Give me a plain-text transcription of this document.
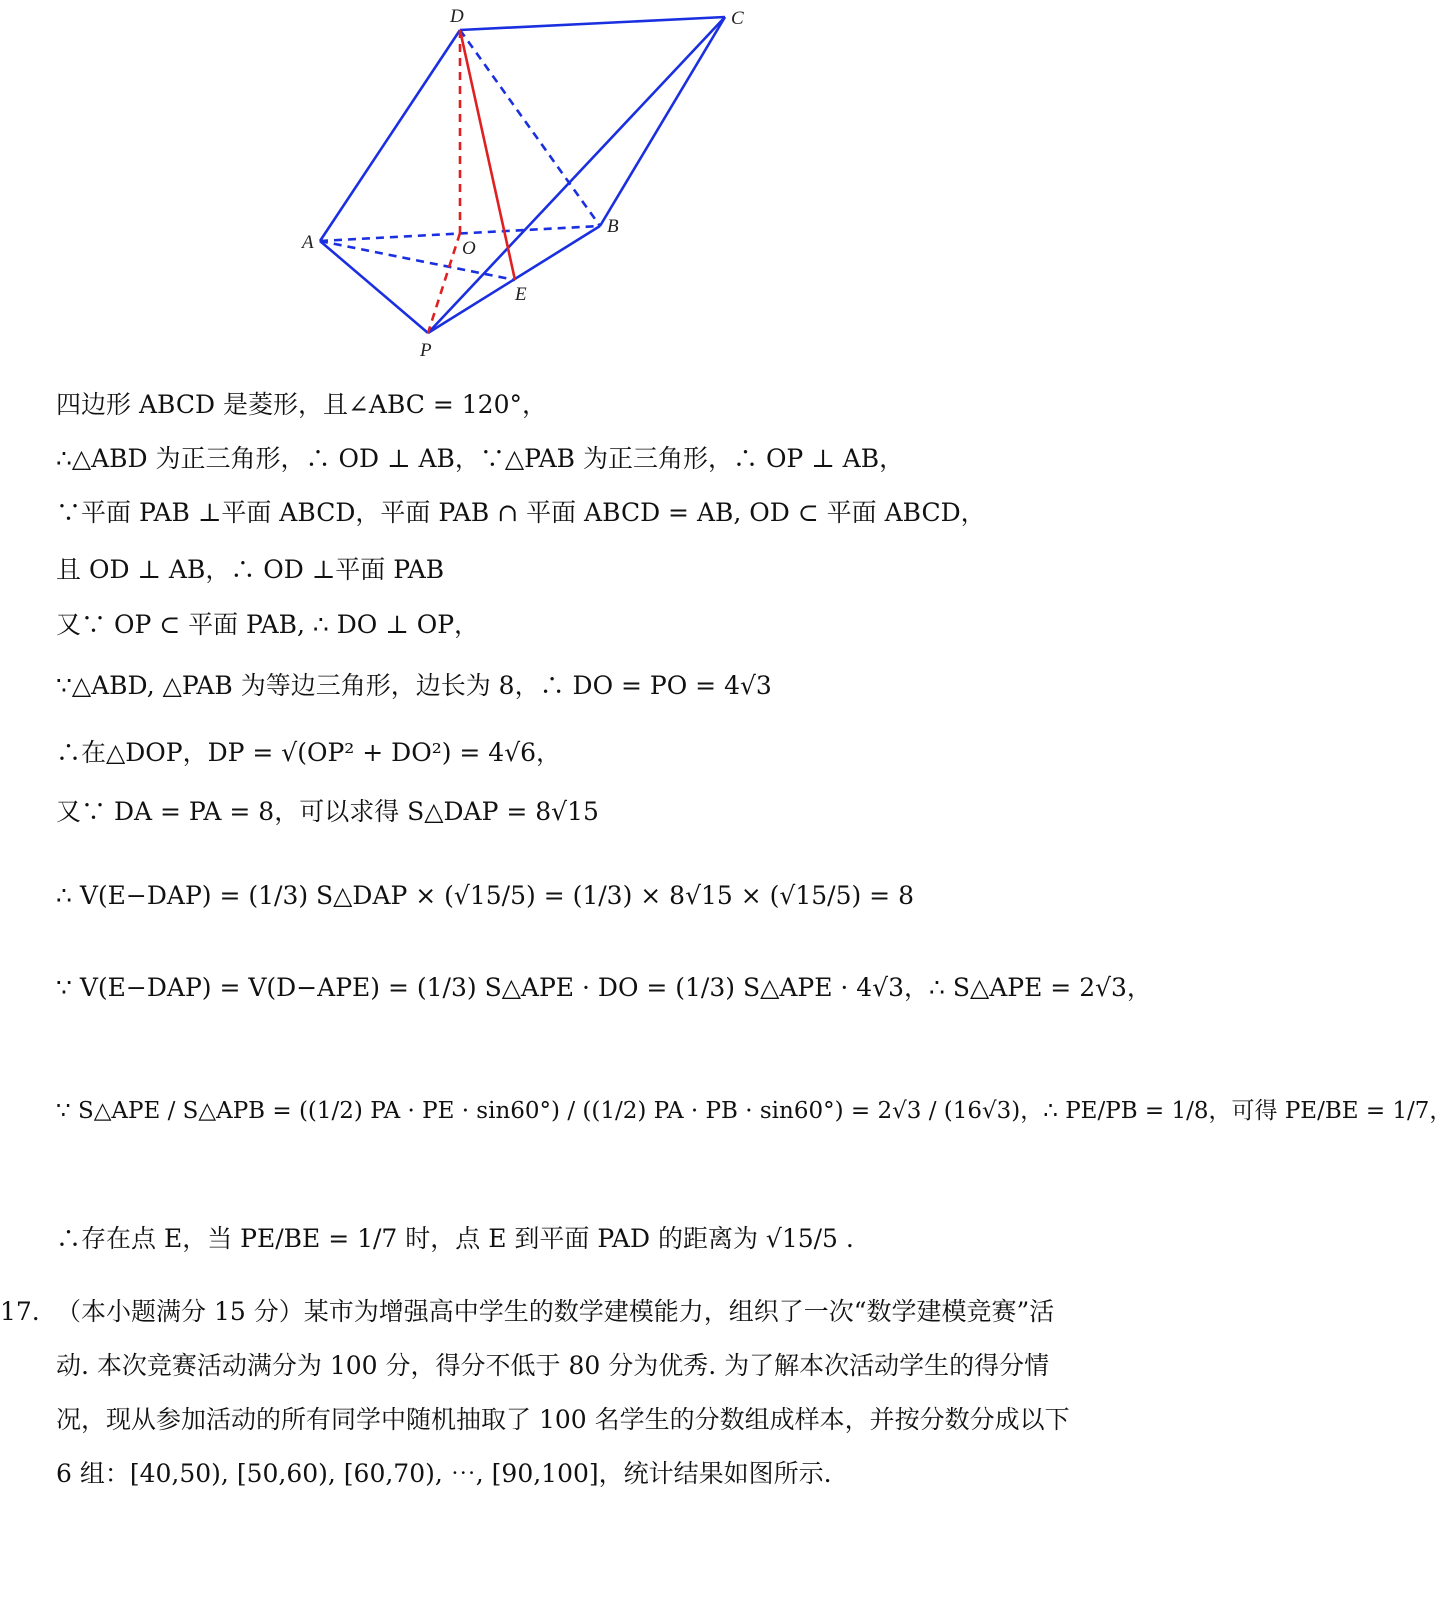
D	C
A
B
O
E
P
四边形 ABCD 是菱形，且∠ABC = 120°，
∴△ABD 为正三角形，∴ OD ⊥ AB，∵△PAB 为正三角形，∴ OP ⊥ AB，
∵平面 PAB ⊥平面 ABCD，平面 PAB ∩ 平面 ABCD = AB, OD ⊂ 平面 ABCD，
且 OD ⊥ AB，∴ OD ⊥平面 PAB
又∵ OP ⊂ 平面 PAB, ∴ DO ⊥ OP，
∵△ABD, △PAB 为等边三角形，边长为 8，∴ DO = PO = 4√3
∴在△DOP，DP = √(OP² + DO²) = 4√6，
又∵ DA = PA = 8，可以求得 S△DAP = 8√15
∴ V(E−DAP) = (1/3) S△DAP × (√15/5) = (1/3) × 8√15 × (√15/5) = 8
∵ V(E−DAP) = V(D−APE) = (1/3) S△APE · DO = (1/3) S△APE · 4√3，∴ S△APE = 2√3，
∵ S△APE / S△APB = ((1/2) PA · PE · sin60°) / ((1/2) PA · PB · sin60°) = 2√3 / (16√3)，∴ PE/PB = 1/8，可得 PE/BE = 1/7，
∴存在点 E，当 PE/BE = 1/7 时，点 E 到平面 PAD 的距离为 √15/5 .
17. （本小题满分 15 分）某市为增强高中学生的数学建模能力，组织了一次“数学建模竞赛”活动. 本次竞赛活动满分为 100 分，得分不低于 80 分为优秀. 为了解本次活动学生的得分情况，现从参加活动的所有同学中随机抽取了 100 名学生的分数组成样本，并按分数分成以下 6 组：[40,50), [50,60), [60,70), ⋯, [90,100]，统计结果如图所示.
